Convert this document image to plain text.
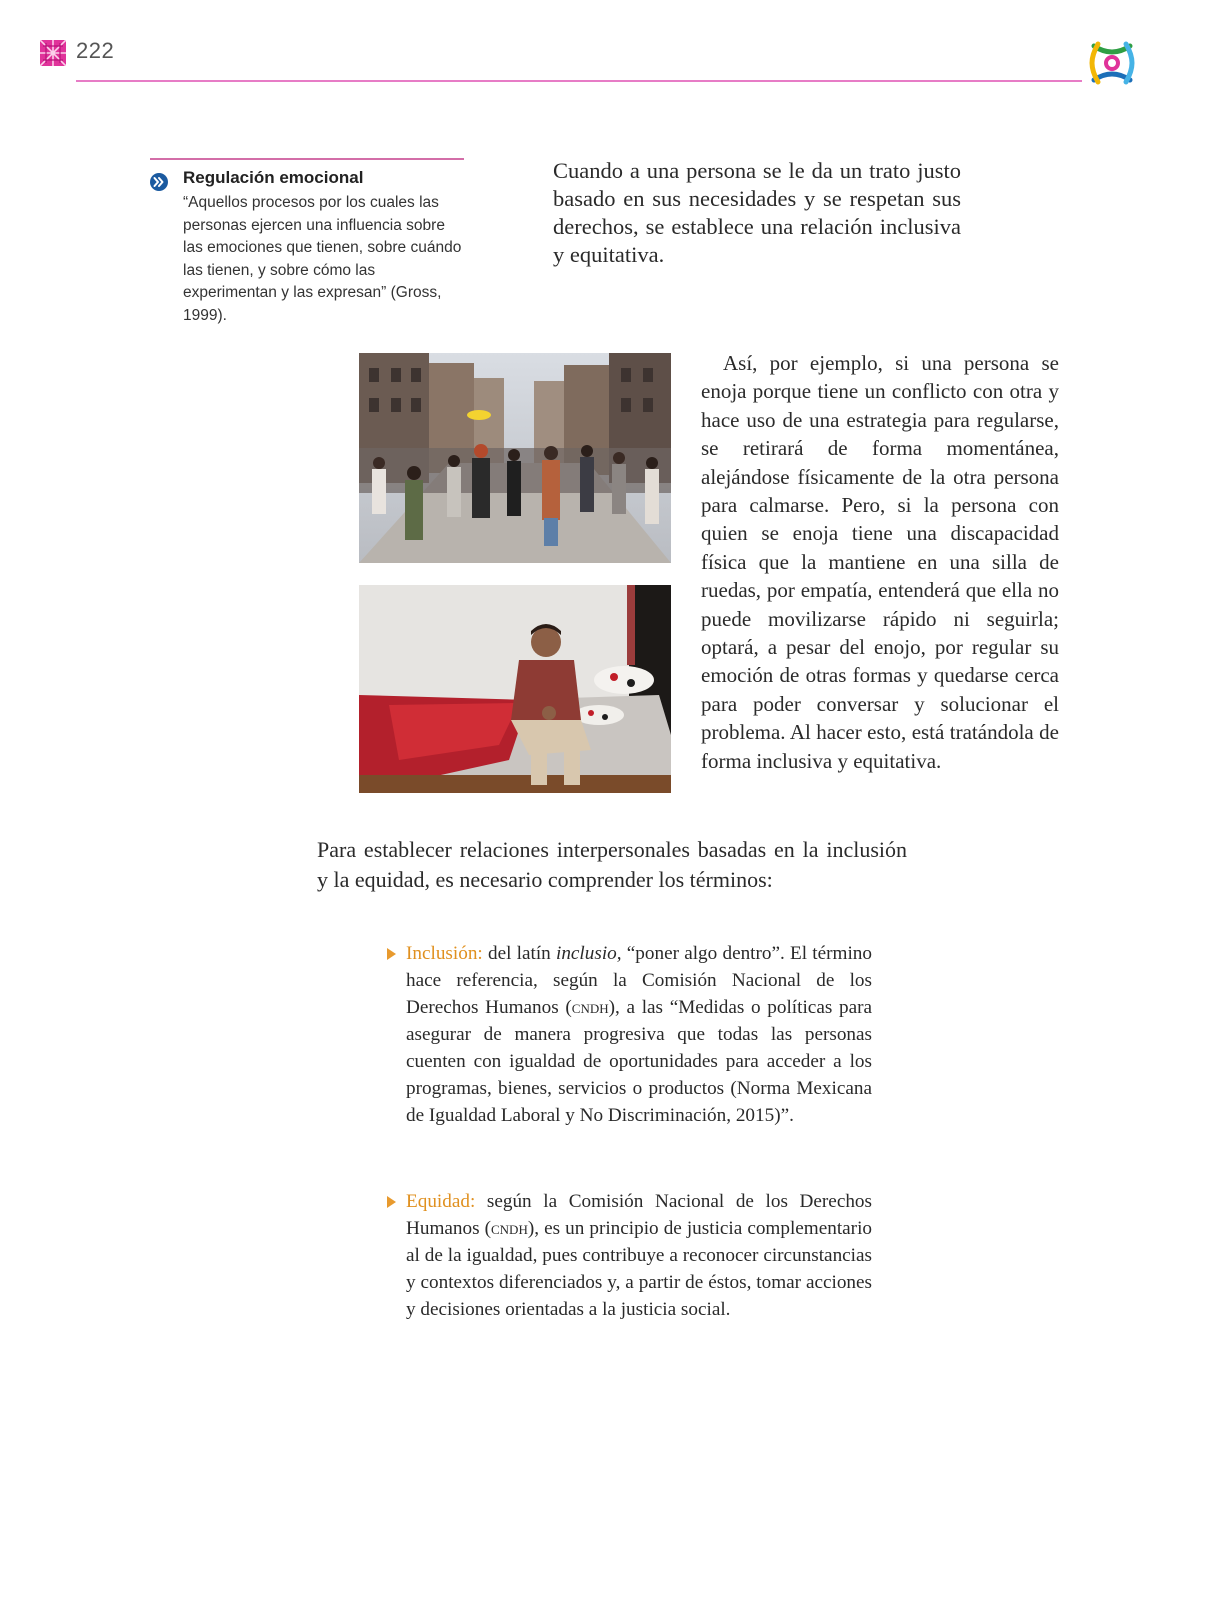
222
Regulación emocional

“Aquellos procesos por los cuales las personas ejercen una influencia sobre las emociones que tienen, sobre cuándo las tienen, y sobre cómo las experimentan y las expresan” (Gross, 1999).

Cuando a una persona se le da un trato justo basado en sus necesidades y se respetan sus derechos, se establece una relación inclusiva y equitativa.

Así, por ejemplo, si una persona se enoja porque tiene un conflicto con otra y hace uso de una estrategia para regularse, se retirará de forma momentánea, alejándose físicamente de la otra persona para calmarse. Pero, si la persona con quien se enoja tiene una discapacidad física que la mantiene en una silla de ruedas, por empatía, entenderá que ella no puede movilizarse rápido ni seguirla; optará, a pesar del enojo, por regular su emoción de otras formas y quedarse cerca para poder conversar y solucionar el problema. Al hacer esto, está tratándola de forma inclusiva y equitativa.

Para establecer relaciones interpersonales basadas en la inclusión y la equidad, es necesario comprender los términos:

Inclusión: del latín inclusio, “poner algo dentro”. El término hace referencia, según la Comisión Nacional de los Derechos Humanos (cndh), a las “Medidas o políticas para asegurar de manera progresiva que todas las personas cuenten con igualdad de oportunidades para acceder a los programas, bienes, servicios o productos (Norma Mexicana de Igualdad Laboral y No Discriminación, 2015)”.

Equidad: según la Comisión Nacional de los Derechos Humanos (cndh), es un principio de justicia complementario al de la igualdad, pues contribuye a reconocer circunstancias y contextos diferenciados y, a partir de éstos, tomar acciones y decisiones orientadas a la justicia social.
